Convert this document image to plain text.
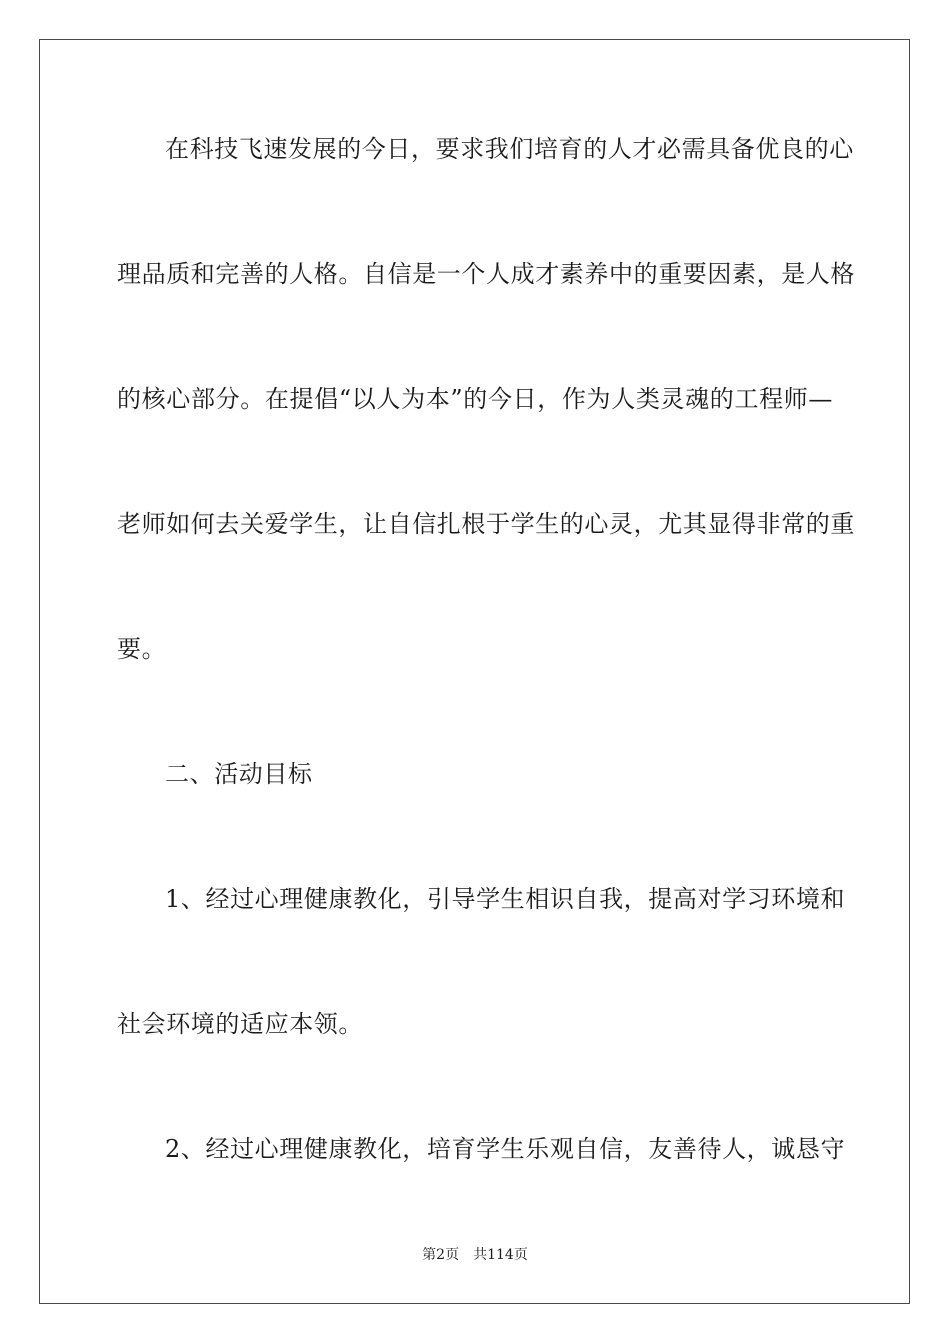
在科技飞速发展的今日，要求我们培育的人才必需具备优良的心
理品质和完善的人格。自信是一个人成才素养中的重要因素，是人格
的核心部分。在提倡“以人为本”的今日，作为人类灵魂的工程师—
老师如何去关爱学生，让自信扎根于学生的心灵，尤其显得非常的重
要。
二、活动目标
1、经过心理健康教化，引导学生相识自我，提高对学习环境和
社会环境的适应本领。
2、经过心理健康教化，培育学生乐观自信，友善待人，诚恳守
第2页 共114页
